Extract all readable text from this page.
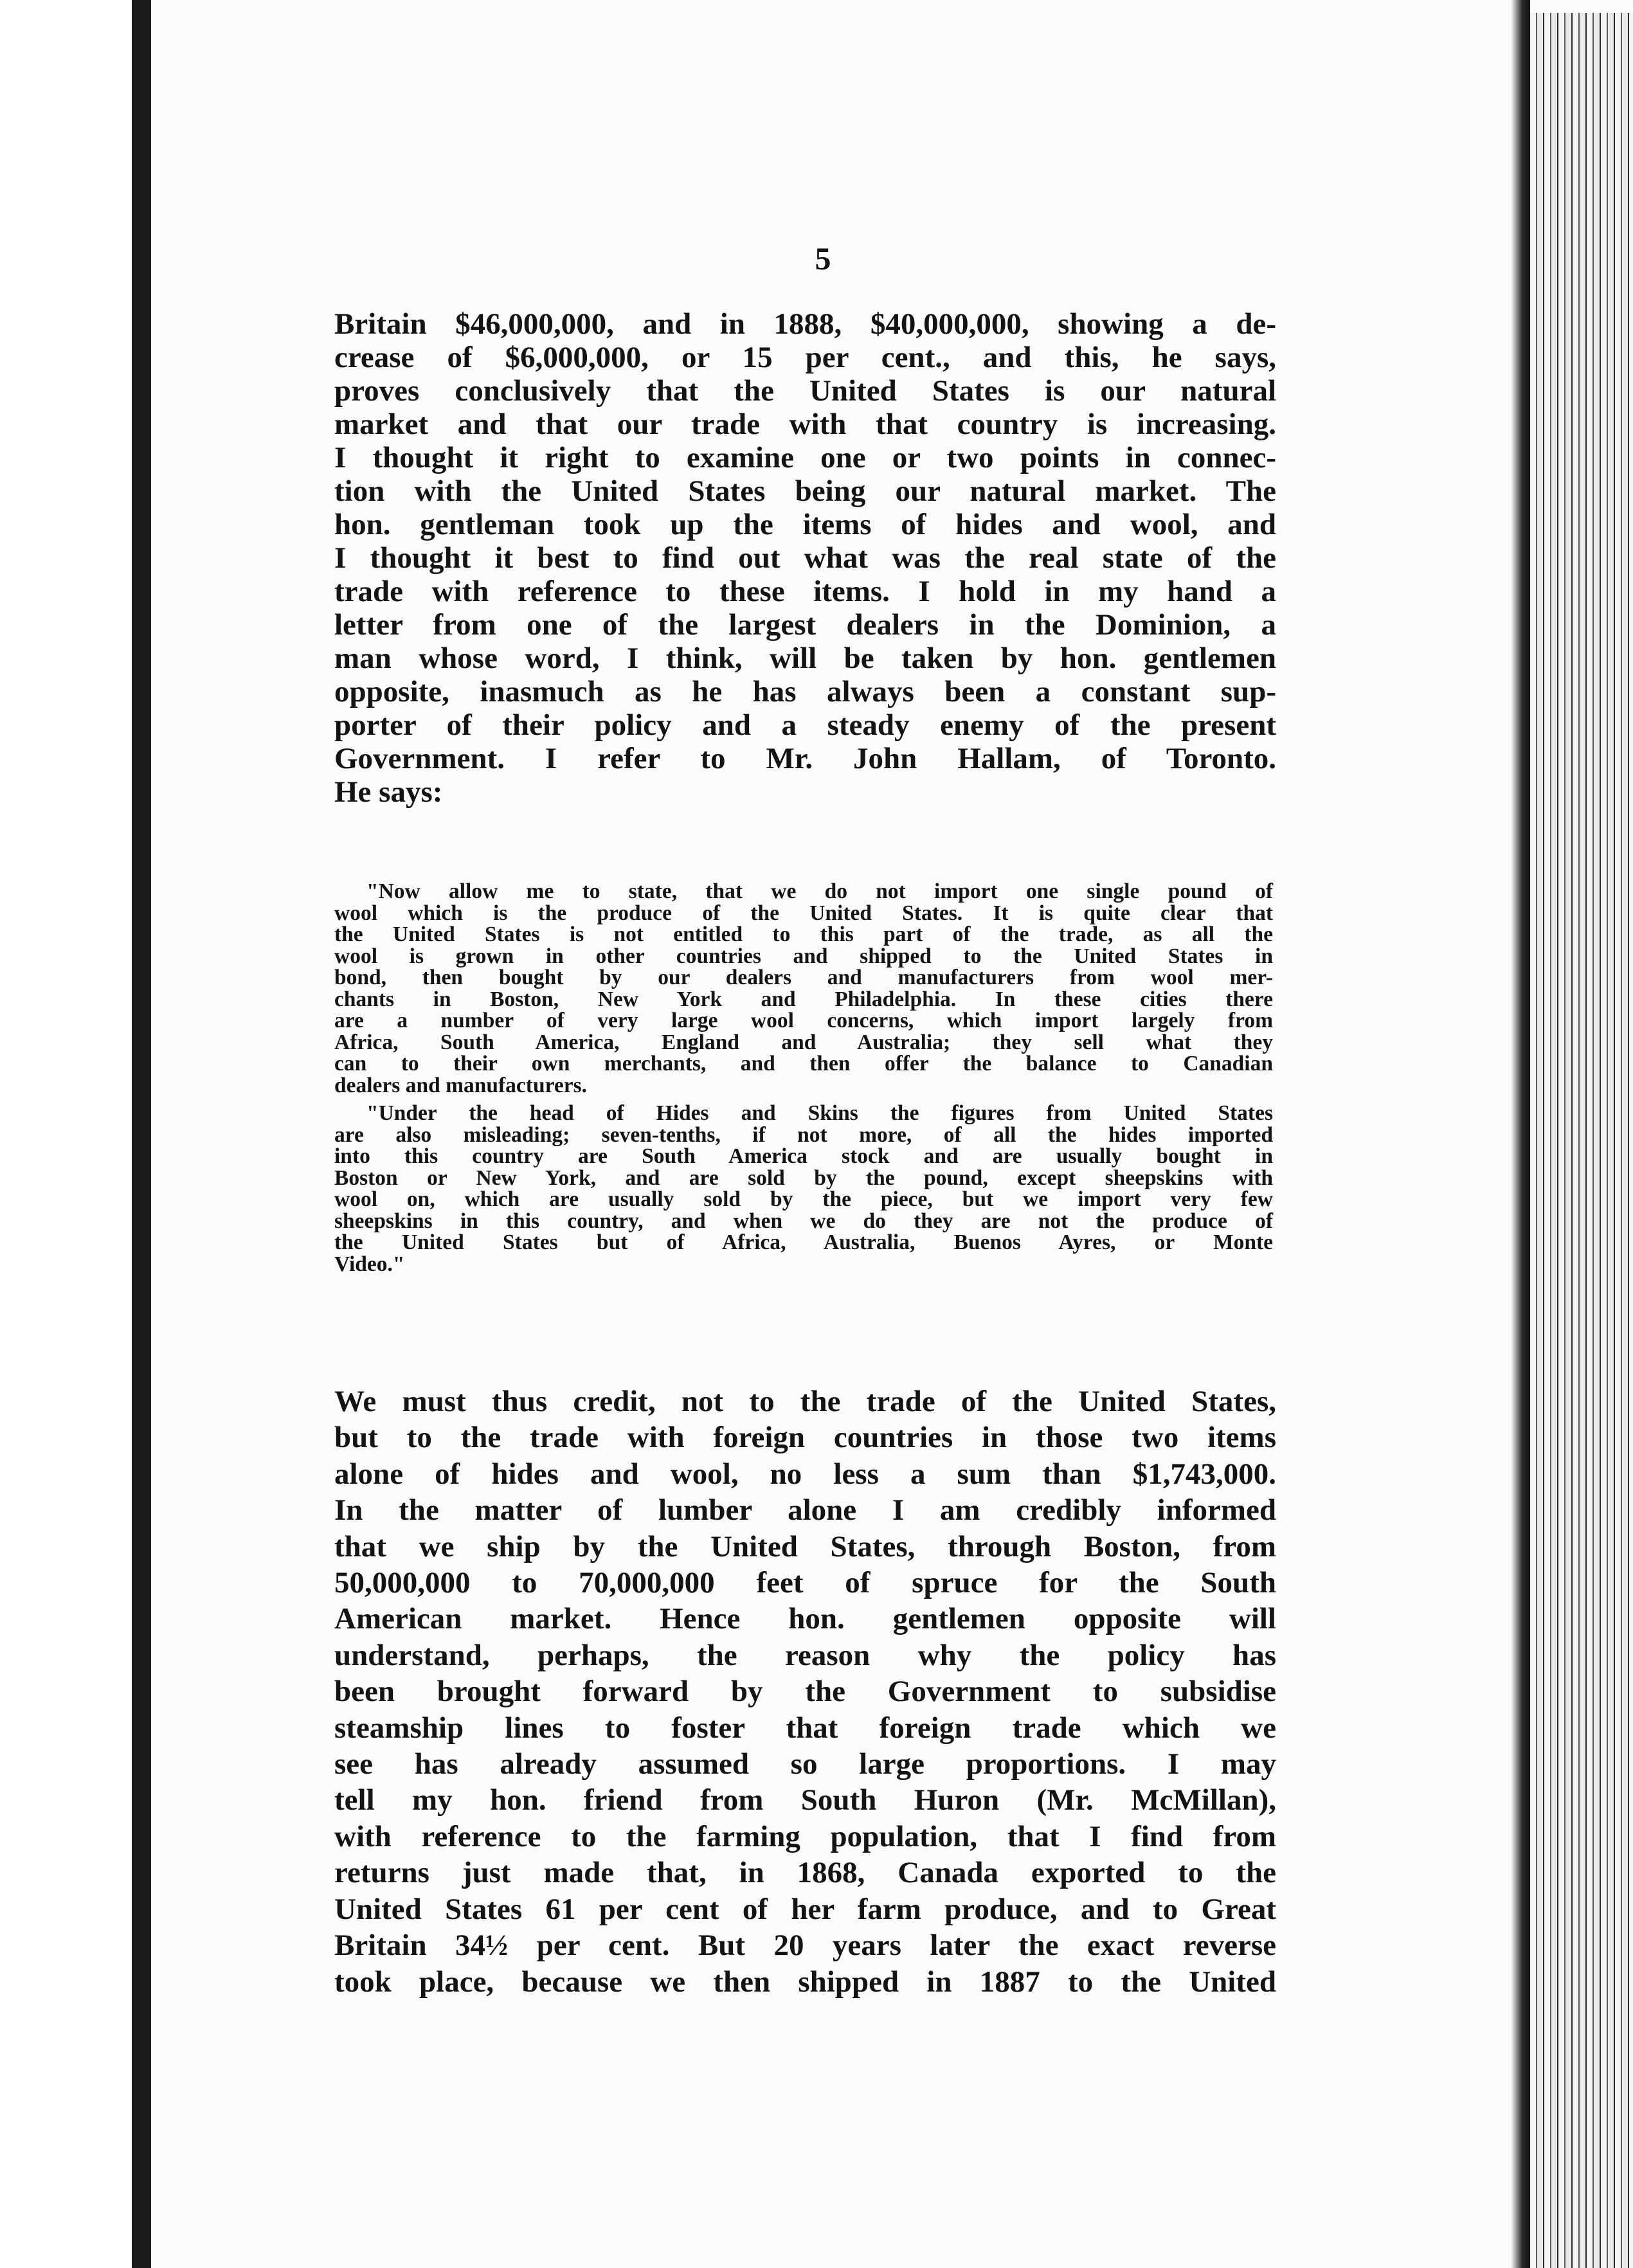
5
Britain $46,000,000, and in 1888, $40,000,000, showing a de-
crease of $6,000,000, or 15 per cent., and this, he says,
proves conclusively that the United States is our natural
market and that our trade with that country is increasing.
I thought it right to examine one or two points in connec-
tion with the United States being our natural market. The
hon. gentleman took up the items of hides and wool, and
I thought it best to find out what was the real state of the
trade with reference to these items. I hold in my hand a
letter from one of the largest dealers in the Dominion, a
man whose word, I think, will be taken by hon. gentlemen
opposite, inasmuch as he has always been a constant sup-
porter of their policy and a steady enemy of the present
Government. I refer to Mr. John Hallam, of Toronto.
He says:
"Now allow me to state, that we do not import one single pound of
wool which is the produce of the United States. It is quite clear that
the United States is not entitled to this part of the trade, as all the
wool is grown in other countries and shipped to the United States in
bond, then bought by our dealers and manufacturers from wool mer-
chants in Boston, New York and Philadelphia. In these cities there
are a number of very large wool concerns, which import largely from
Africa, South America, England and Australia; they sell what they
can to their own merchants, and then offer the balance to Canadian
dealers and manufacturers.
"Under the head of Hides and Skins the figures from United States
are also misleading; seven-tenths, if not more, of all the hides imported
into this country are South America stock and are usually bought in
Boston or New York, and are sold by the pound, except sheepskins with
wool on, which are usually sold by the piece, but we import very few
sheepskins in this country, and when we do they are not the produce of
the United States but of Africa, Australia, Buenos Ayres, or Monte
Video."
We must thus credit, not to the trade of the United States,
but to the trade with foreign countries in those two items
alone of hides and wool, no less a sum than $1,743,000.
In the matter of lumber alone I am credibly informed
that we ship by the United States, through Boston, from
50,000,000 to 70,000,000 feet of spruce for the South
American market. Hence hon. gentlemen opposite will
understand, perhaps, the reason why the policy has
been brought forward by the Government to subsidise
steamship lines to foster that foreign trade which we
see has already assumed so large proportions. I may
tell my hon. friend from South Huron (Mr. McMillan),
with reference to the farming population, that I find from
returns just made that, in 1868, Canada exported to the
United States 61 per cent of her farm produce, and to Great
Britain 34½ per cent. But 20 years later the exact reverse
took place, because we then shipped in 1887 to the United
